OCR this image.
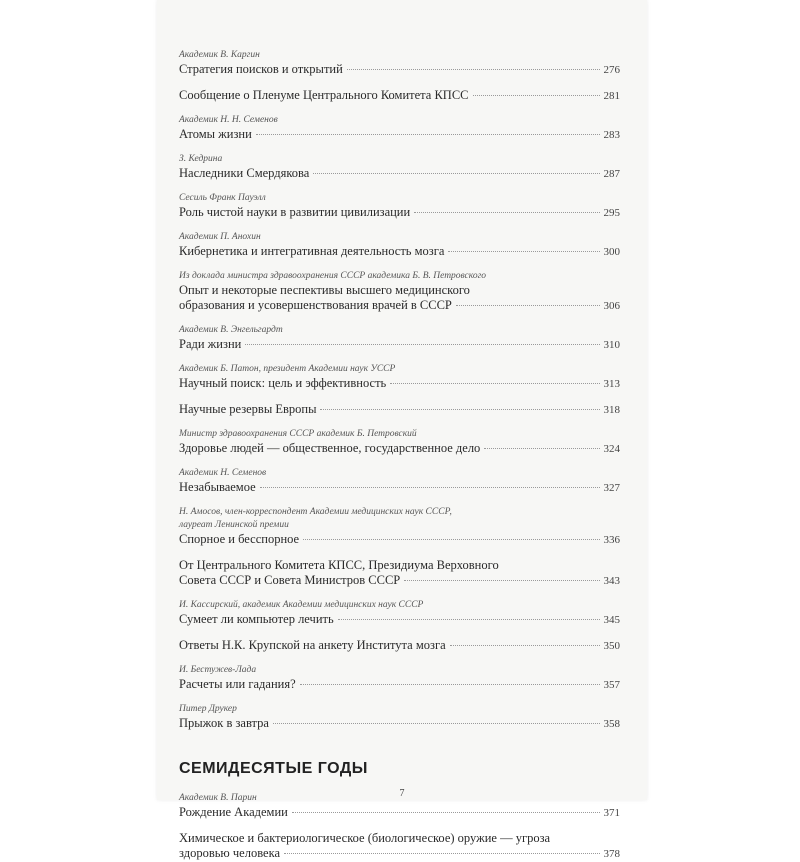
Академик В. Каргин
Стратегия поисков и открытий	276
Сообщение о Пленуме Центрального Комитета КПСС	281
Академик Н. Н. Семенов
Атомы жизни	283
З. Кедрина
Наследники Смердякова	287
Сесиль Франк Пауэлл
Роль чистой науки в развитии цивилизации	295
Академик П. Анохин
Кибернетика и интегративная деятельность мозга	300
Из доклада министра здравоохранения СССР академика Б. В. Петровского
Опыт и некоторые песпективы высшего медицинского
образования и усовершенствования врачей в СССР	306
Академик В. Энгельгардт
Ради жизни	310
Академик Б. Патон, президент Академии наук УССР
Научный поиск: цель и эффективность	313
Научные резервы Европы	318
Министр здравоохранения СССР академик Б. Петровский
Здоровье людей — общественное, государственное дело	324
Академик Н. Семенов
Незабываемое	327
Н. Амосов, член-корреспондент Академии медицинских наук СССР,
лауреат Ленинской премии
Спорное и бесспорное	336
От Центрального Комитета КПСС, Президиума Верховного
Совета СССР и Совета Министров СССР	343
И. Кассирский, академик Академии медицинских наук СССР
Сумеет ли компьютер лечить	345
Ответы Н.К. Крупской на анкету Института мозга	350
И. Бестужев-Лада
Расчеты или гадания?	357
Питер Друкер
Прыжок в завтра	358
СЕМИДЕСЯТЫЕ ГОДЫ
Академик В. Парин
Рождение Академии	371
Химическое и бактериологическое (биологическое) оружие — угроза
здоровью человека	378
7
